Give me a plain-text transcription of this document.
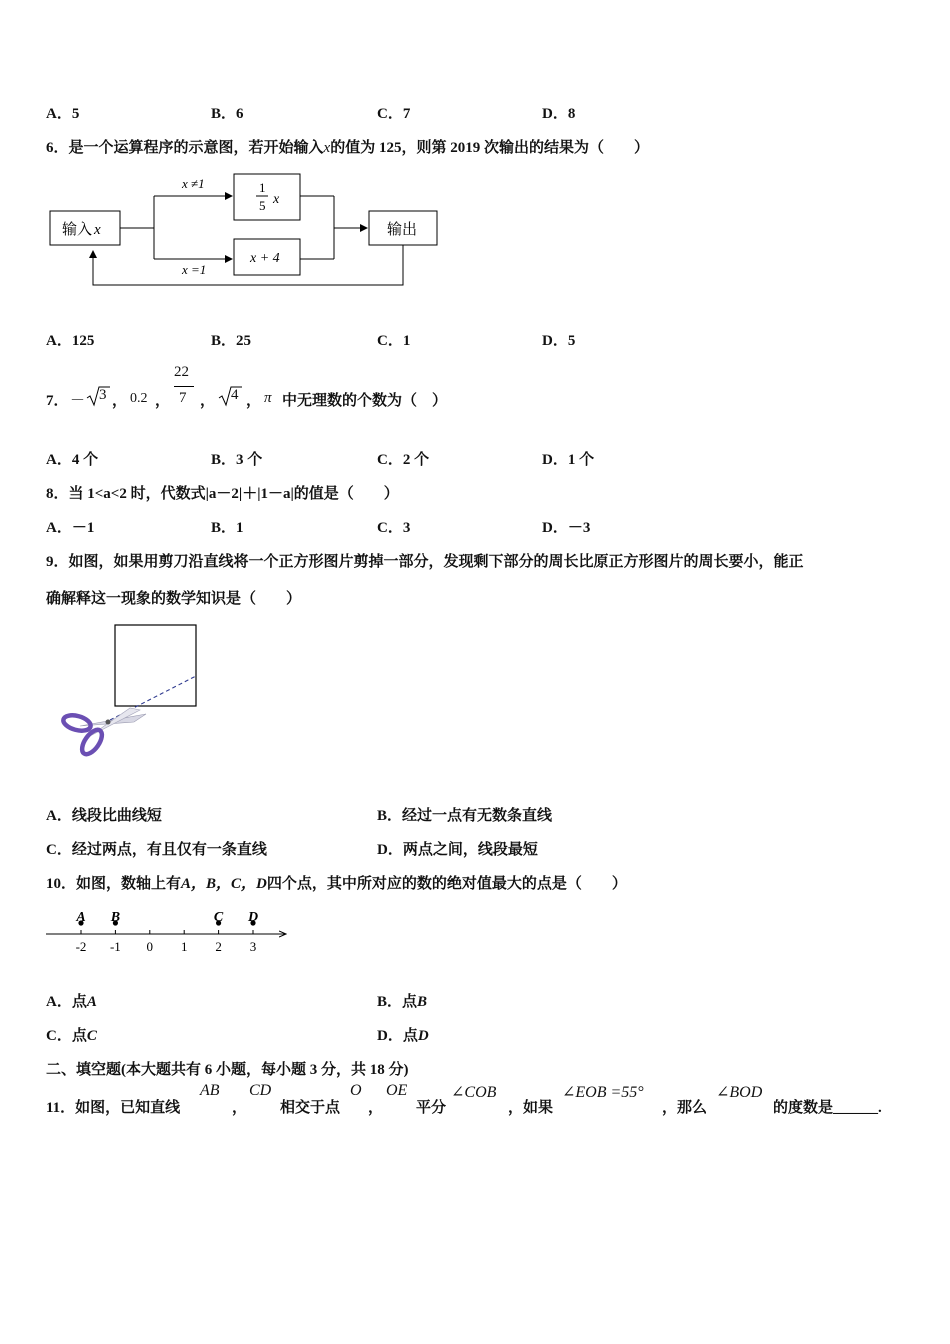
A．5	B．6	C．7	D．8
6．是一个运算程序的示意图，若开始输入x的值为 125，则第 2019 次输出的结果为（　　）
输入 x
x ≠1
x =1
1
5 x
x + 4
输出
A．125	B．25	C．1	D．5
7． － 3 ， 0.2 ，
22
7 ， 4 ， π 中无理数的个数为（　）
A．4 个	B．3 个	C．2 个	D．1 个
8．当 1<a<2 时，代数式|a－2|＋|1－a|的值是（　　）
A．－1	B．1	C．3	D．－3
9．如图，如果用剪刀沿直线将一个正方形图片剪掉一部分，发现剩下部分的周长比原正方形图片的周长要小，能正
确解释这一现象的数学知识是（　　）
A．线段比曲线短	B．经过一点有无数条直线
C．经过两点，有且仅有一条直线	D．两点之间，线段最短
10．如图，数轴上有A，B，C，D四个点，其中所对应的数的绝对值最大的点是（　　）
-2 -1 0 1 2 3
A B	C D
A．点A	B．点B
C．点C	D．点D
二、填空题(本大题共有 6 小题，每小题 3 分，共 18 分)
11．如图，已知直线
AB
，
CD
相交于点
O
，
OE
平分
∠COB
，如果
∠EOB =55°
，那么
∠BOD
的度数是______.
